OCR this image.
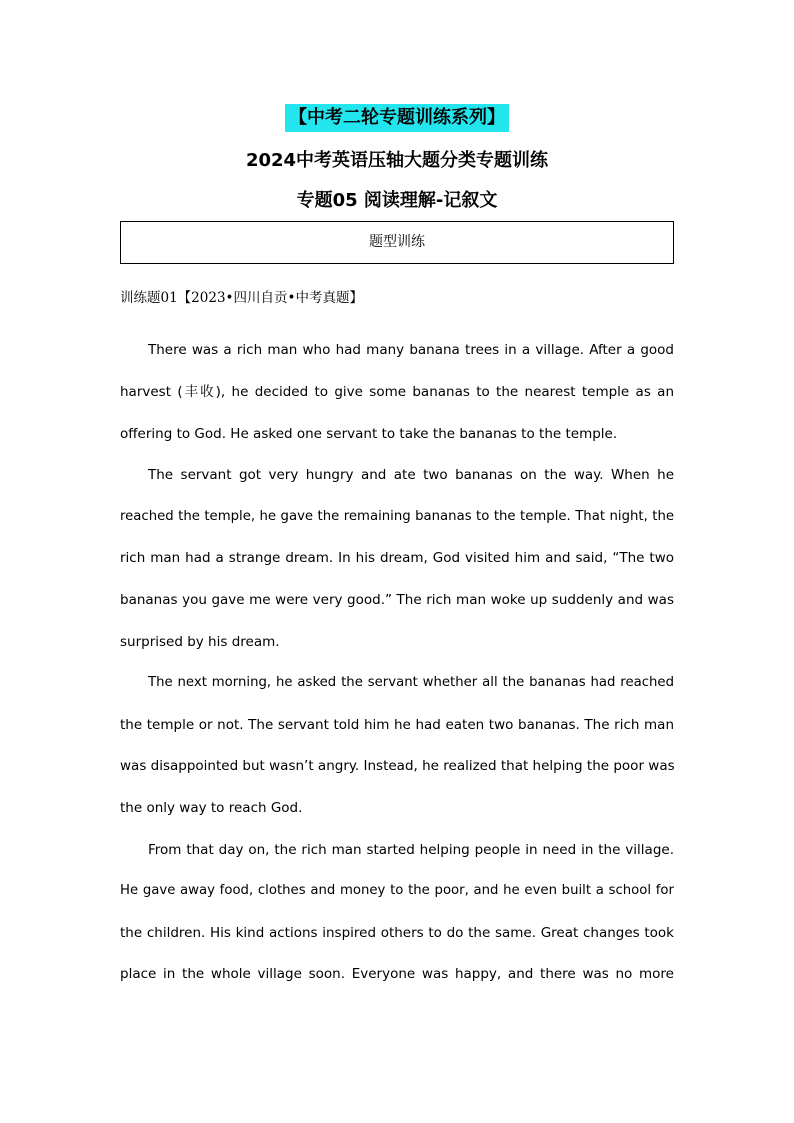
【中考二轮专题训练系列】
2024中考英语压轴大题分类专题训练
专题05 阅读理解-记叙文
题型训练
训练题01【2023•四川自贡•中考真题】
There was a rich man who had many banana trees in a village. After a good
harvest (丰收), he decided to give some bananas to the nearest temple as an
offering to God. He asked one servant to take the bananas to the temple.
The servant got very hungry and ate two bananas on the way. When he
reached the temple, he gave the remaining bananas to the temple. That night, the
rich man had a strange dream. In his dream, God visited him and said, “The two
bananas you gave me were very good.” The rich man woke up suddenly and was
surprised by his dream.
The next morning, he asked the servant whether all the bananas had reached
the temple or not. The servant told him he had eaten two bananas. The rich man
was disappointed but wasn’t angry. Instead, he realized that helping the poor was
the only way to reach God.
From that day on, the rich man started helping people in need in the village.
He gave away food, clothes and money to the poor, and he even built a school for
the children. His kind actions inspired others to do the same. Great changes took
place in the whole village soon. Everyone was happy, and there was no more
